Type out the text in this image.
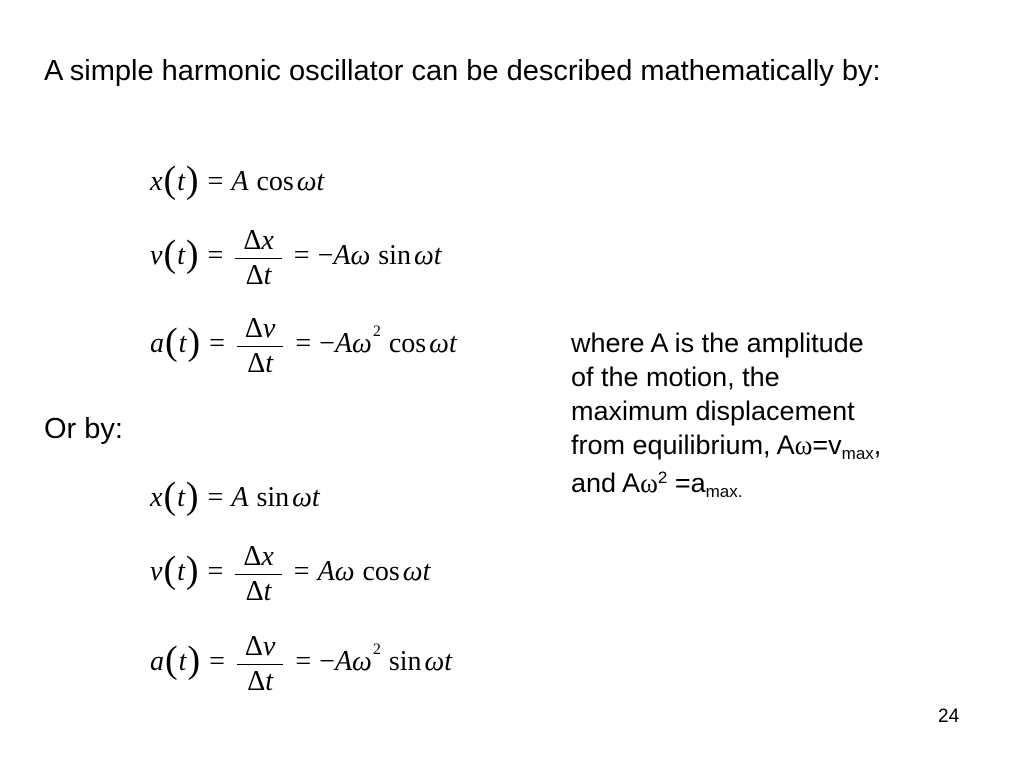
A simple harmonic oscillator can be described mathematically by:
x ( t ) = A cos ω t
v ( t ) = $\frac{\Delta x}{\Delta t}$ = − A ω sin ω t
a ( t ) = $\frac{\Delta v}{\Delta t}$ = − A ω 2 cos ω t
Or by:
x ( t ) = A sin ω t
v ( t ) = $\frac{\Delta x}{\Delta t} = A$ ω cos ω t
a ( t ) = $\frac{\Delta v}{\Delta t}$ = − A ω 2 sin ω t
where A is the amplitude
of the motion, the
maximum displacement
from equilibrium, Aω=vmax,
and $A\omega^2 =amax$.
24
